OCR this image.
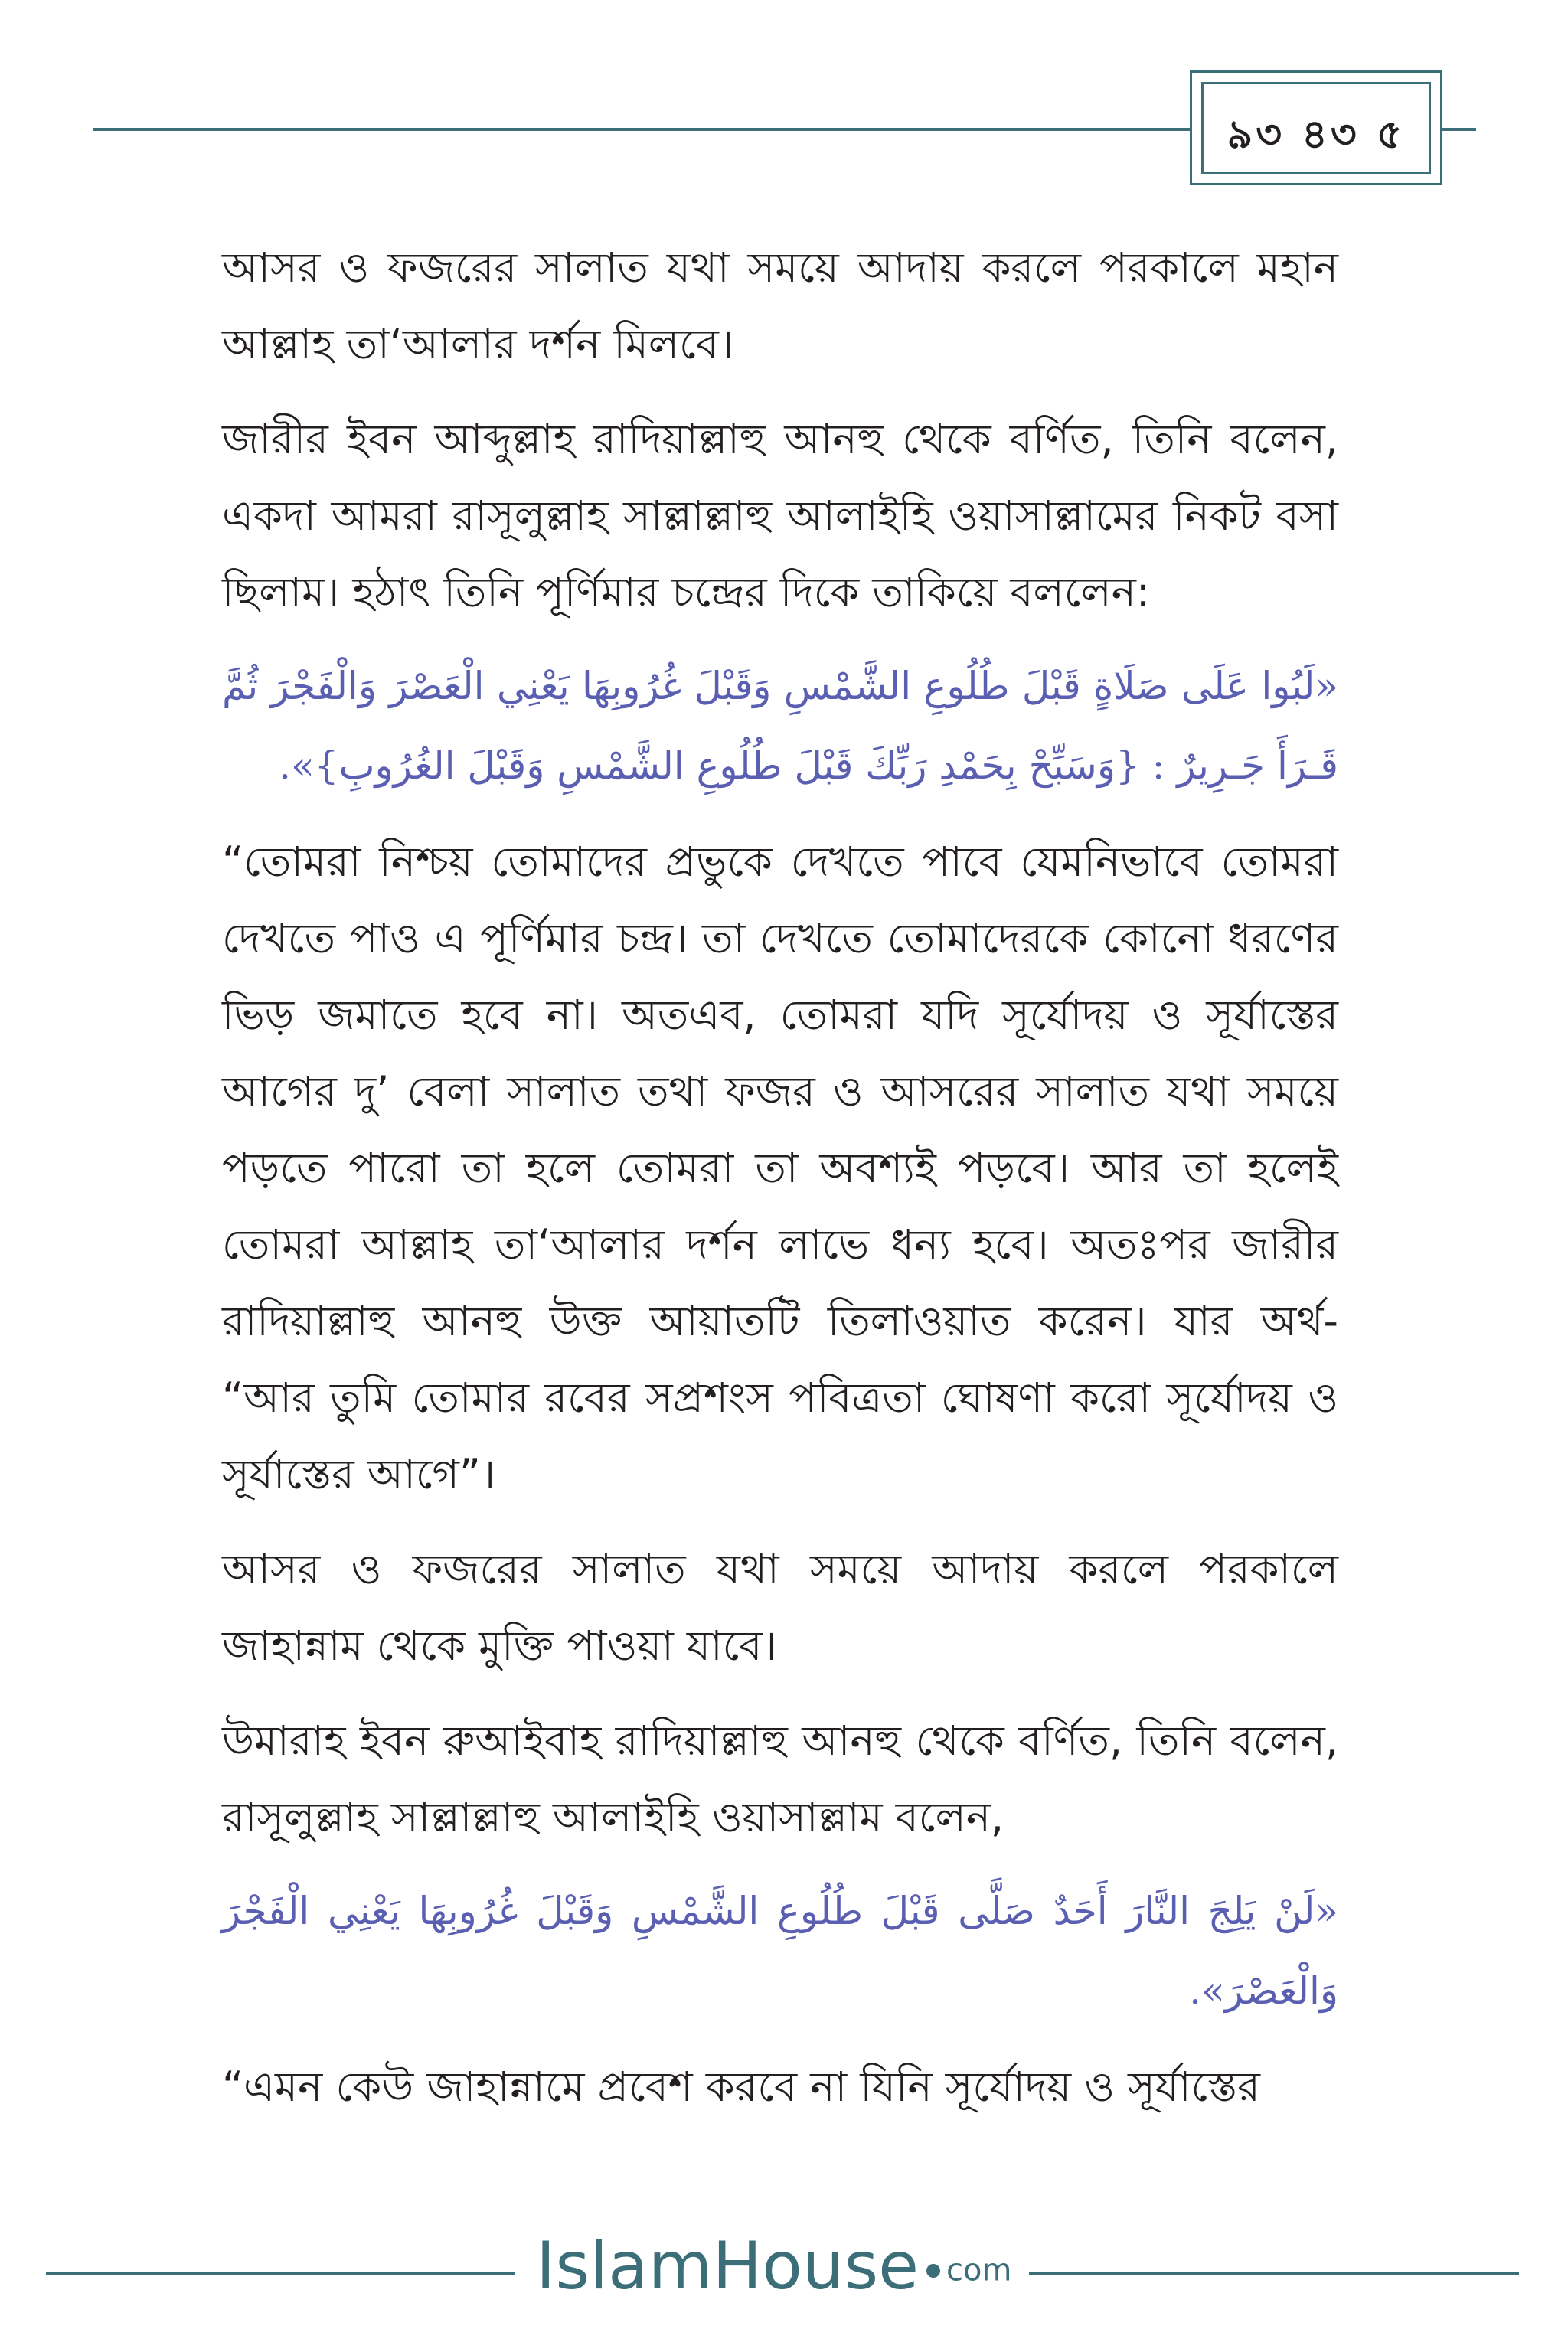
৯৩ ৪৩ ৫

আসর ও ফজরের সালাত যথা সময়ে আদায় করলে পরকালে মহান আল্লাহ তা‘আলার দর্শন মিলবে।

জারীর ইবন আব্দুল্লাহ রাদিয়াল্লাহু আনহু থেকে বর্ণিত, তিনি বলেন, একদা আমরা রাসূলুল্লাহ সাল্লাল্লাহু আলাইহি ওয়াসাল্লামের নিকট বসা ছিলাম। হঠাৎ তিনি পূর্ণিমার চন্দ্রের দিকে তাকিয়ে বললেন:

«لَبُوا عَلَى صَلَاةٍ قَبْلَ طُلُوعِ الشَّمْسِ وَقَبْلَ غُرُوبِهَا يَعْنِي الْعَصْرَ وَالْفَجْرَ ثُمَّ قَـرَأَ جَـرِيرٌ : {وَسَبِّحْ بِحَمْدِ رَبِّكَ قَبْلَ طُلُوعِ الشَّمْسِ وَقَبْلَ الغُرُوبِ}».

“তোমরা নিশ্চয় তোমাদের প্রভুকে দেখতে পাবে যেমনিভাবে তোমরা দেখতে পাও এ পূর্ণিমার চন্দ্র। তা দেখতে তোমাদেরকে কোনো ধরণের ভিড় জমাতে হবে না। অতএব, তোমরা যদি সূর্যোদয় ও সূর্যাস্তের আগের দু’ বেলা সালাত তথা ফজর ও আসরের সালাত যথা সময়ে পড়তে পারো তা হলে তোমরা তা অবশ্যই পড়বে। আর তা হলেই তোমরা আল্লাহ তা‘আলার দর্শন লাভে ধন্য হবে। অতঃপর জারীর রাদিয়াল্লাহু আনহু উক্ত আয়াতটি তিলাওয়াত করেন। যার অর্থ- “আর তুমি তোমার রবের সপ্রশংস পবিত্রতা ঘোষণা করো সূর্যোদয় ও সূর্যাস্তের আগে”।

আসর ও ফজরের সালাত যথা সময়ে আদায় করলে পরকালে জাহান্নাম থেকে মুক্তি পাওয়া যাবে।

উমারাহ ইবন রুআইবাহ রাদিয়াল্লাহু আনহু থেকে বর্ণিত, তিনি বলেন, রাসূলুল্লাহ সাল্লাল্লাহু আলাইহি ওয়াসাল্লাম বলেন,

«لَنْ يَلِجَ النَّارَ أَحَدٌ صَلَّى قَبْلَ طُلُوعِ الشَّمْسِ وَقَبْلَ غُرُوبِهَا يَعْنِي الْفَجْرَ وَالْعَصْرَ».

“এমন কেউ জাহান্নামে প্রবেশ করবে না যিনি সূর্যোদয় ও সূর্যাস্তের

IslamHouse com
